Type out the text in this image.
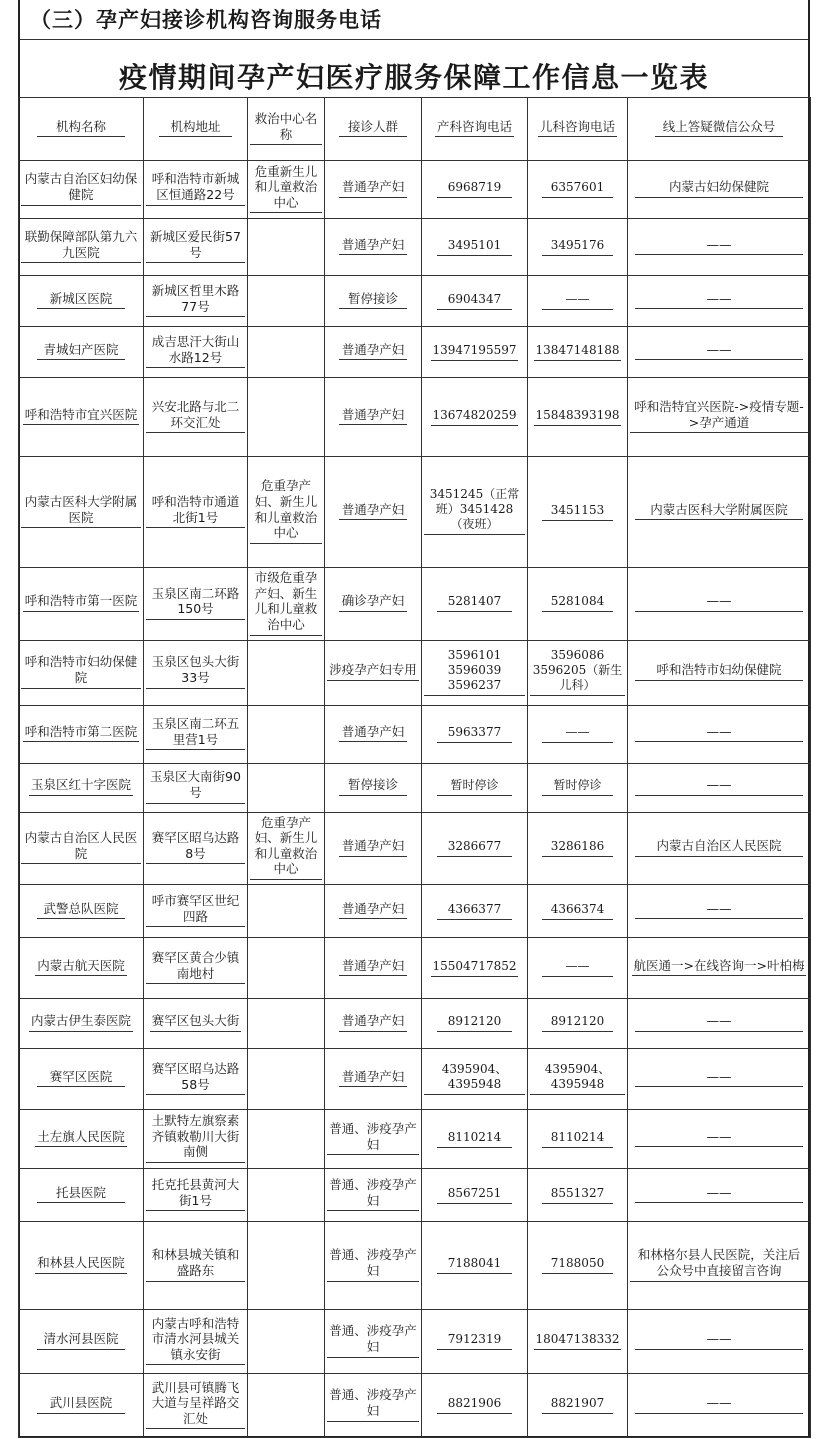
（三）孕产妇接诊机构咨询服务电话
疫情期间孕产妇医疗服务保障工作信息一览表
机构名称	机构地址	救治中心名称	接诊人群	产科咨询电话	儿科咨询电话	线上答疑微信公众号
内蒙古自治区妇幼保健院	呼和浩特市新城区恒通路22号	危重新生儿和儿童救治中心	普通孕产妇	6968719	6357601	内蒙古妇幼保健院
联勤保障部队第九六九医院	新城区爱民街57号		普通孕产妇	3495101	3495176	——
新城区医院	新城区哲里木路77号		暂停接诊	6904347	——	——
青城妇产医院	成吉思汗大街山水路12号		普通孕产妇	13947195597	13847148188	——
呼和浩特市宜兴医院	兴安北路与北二环交汇处		普通孕产妇	13674820259	15848393198	呼和浩特宜兴医院->疫情专题->孕产通道
内蒙古医科大学附属医院	呼和浩特市通道北街1号	危重孕产妇、新生儿和儿童救治中心	普通孕产妇	3451245（正常班）3451428（夜班）	3451153	内蒙古医科大学附属医院
呼和浩特市第一医院	玉泉区南二环路150号	市级危重孕产妇、新生儿和儿童救治中心	确诊孕产妇	5281407	5281084	——
呼和浩特市妇幼保健院	玉泉区包头大街33号		涉疫孕产妇专用	3596101 3596039 3596237	3596086 3596205（新生儿科）	呼和浩特市妇幼保健院
呼和浩特市第二医院	玉泉区南二环五里营1号		普通孕产妇	5963377	——	——
玉泉区红十字医院	玉泉区大南街90号		暂停接诊	暂时停诊	暂时停诊	——
内蒙古自治区人民医院	赛罕区昭乌达路8号	危重孕产妇、新生儿和儿童救治中心	普通孕产妇	3286677	3286186	内蒙古自治区人民医院
武警总队医院	呼市赛罕区世纪四路		普通孕产妇	4366377	4366374	——
内蒙古航天医院	赛罕区黄合少镇南地村		普通孕产妇	15504717852	——	航医通一>在线咨询一>叶柏梅
内蒙古伊生泰医院	赛罕区包头大街		普通孕产妇	8912120	8912120	——
赛罕区医院	赛罕区昭乌达路58号		普通孕产妇	4395904、4395948	4395904、4395948	——
土左旗人民医院	土默特左旗察素齐镇敕勒川大街南侧		普通、涉疫孕产妇	8110214	8110214	——
托县医院	托克托县黄河大街1号		普通、涉疫孕产妇	8567251	8551327	——
和林县人民医院	和林县城关镇和盛路东		普通、涉疫孕产妇	7188041	7188050	和林格尔县人民医院，关注后公众号中直接留言咨询
清水河县医院	内蒙古呼和浩特市清水河县城关镇永安街		普通、涉疫孕产妇	7912319	18047138332	——
武川县医院	武川县可镇腾飞大道与呈祥路交汇处		普通、涉疫孕产妇	8821906	8821907	——
